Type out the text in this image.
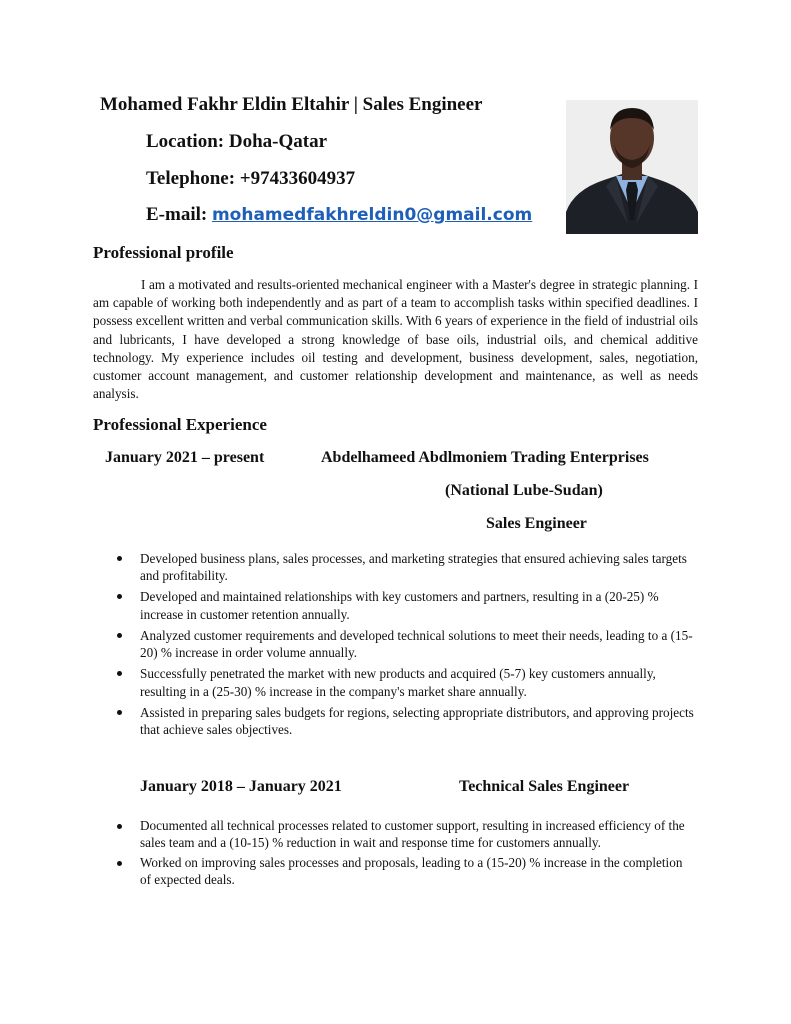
Mohamed Fakhr Eldin Eltahir | Sales Engineer
Location: Doha-Qatar
Telephone: +97433604937
E-mail: mohamedfakhreldin0@gmail.com
Professional profile

I am a motivated and results-oriented mechanical engineer with a Master's degree in strategic planning. I am capable of working both independently and as part of a team to accomplish tasks within specified deadlines. I possess excellent written and verbal communication skills. With 6 years of experience in the field of industrial oils and lubricants, I have developed a strong knowledge of base oils, industrial oils, and chemical additive technology. My experience includes oil testing and development, business development, sales, negotiation, customer account management, and customer relationship development and maintenance, as well as needs analysis.

Professional Experience
January 2021 – present	Abdelhameed Abdlmoniem Trading Enterprises
(National Lube-Sudan)
Sales Engineer
Developed business plans, sales processes, and marketing strategies that ensured achieving sales targets and profitability.
Developed and maintained relationships with key customers and partners, resulting in a (20-25) % increase in customer retention annually.
Analyzed customer requirements and developed technical solutions to meet their needs, leading to a (15-20) % increase in order volume annually.
Successfully penetrated the market with new products and acquired (5-7) key customers annually, resulting in a (25-30) % increase in the company's market share annually.
Assisted in preparing sales budgets for regions, selecting appropriate distributors, and approving projects that achieve sales objectives.
January 2018 – January 2021	Technical Sales Engineer
Documented all technical processes related to customer support, resulting in increased efficiency of the sales team and a (10-15) % reduction in wait and response time for customers annually.
Worked on improving sales processes and proposals, leading to a (15-20) % increase in the completion of expected deals.
